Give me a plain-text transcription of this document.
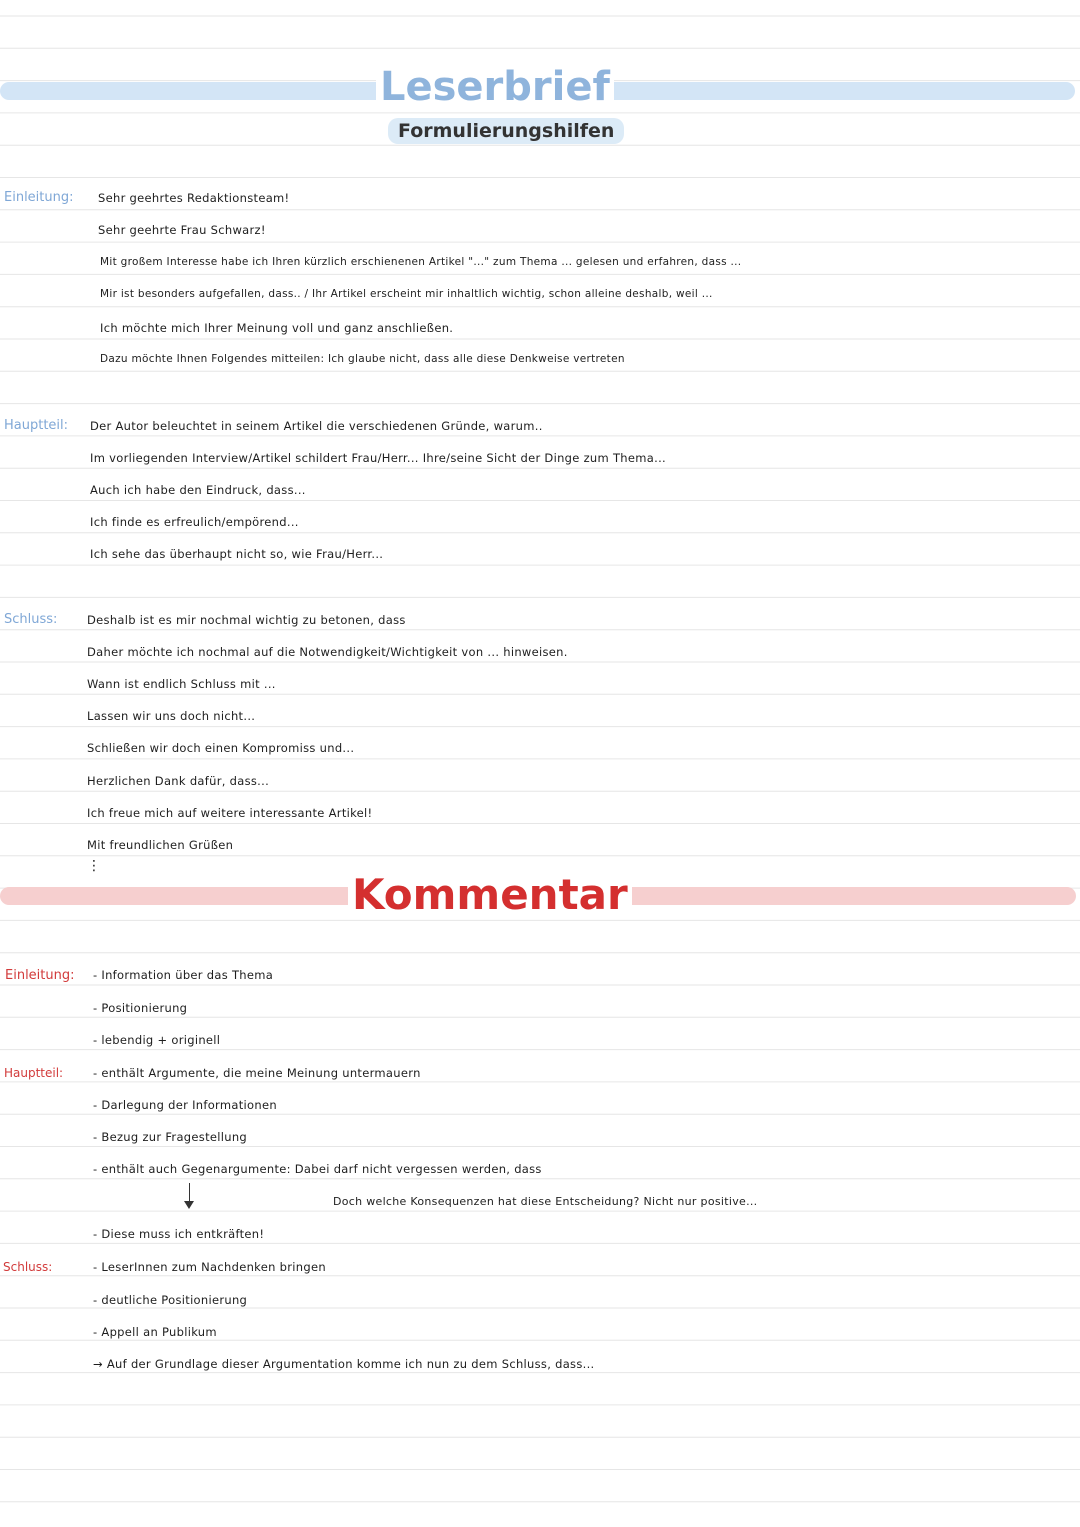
Leserbrief
Formulierungshilfen
Einleitung: Sehr geehrtes Redaktionsteam!
Sehr geehrte Frau Schwarz!
Mit großem Interesse habe ich Ihren kürzlich erschienenen Artikel "..." zum Thema ... gelesen und erfahren, dass ...
Mir ist besonders aufgefallen, dass.. / Ihr Artikel erscheint mir inhaltlich wichtig, schon alleine deshalb, weil ...
Ich möchte mich Ihrer Meinung voll und ganz anschließen.
Dazu möchte Ihnen Folgendes mitteilen: Ich glaube nicht, dass alle diese Denkweise vertreten
Hauptteil: Der Autor beleuchtet in seinem Artikel die verschiedenen Gründe, warum..
Im vorliegenden Interview/Artikel schildert Frau/Herr... Ihre/seine Sicht der Dinge zum Thema...
Auch ich habe den Eindruck, dass...
Ich finde es erfreulich/empörend...
Ich sehe das überhaupt nicht so, wie Frau/Herr...
Schluss:	Deshalb ist es mir nochmal wichtig zu betonen, dass
Daher möchte ich nochmal auf die Notwendigkeit/Wichtigkeit von ... hinweisen.
Wann ist endlich Schluss mit ...
Lassen wir uns doch nicht...
Schließen wir doch einen Kompromiss und...
Herzlichen Dank dafür, dass...
Ich freue mich auf weitere interessante Artikel!
Mit freundlichen Grüßen
⋮
Kommentar
Einleitung: - Information über das Thema
- Positionierung
- lebendig + originell
Hauptteil:	- enthält Argumente, die meine Meinung untermauern
- Darlegung der Informationen
- Bezug zur Fragestellung
- enthält auch Gegenargumente: Dabei darf nicht vergessen werden, dass
Doch welche Konsequenzen hat diese Entscheidung? Nicht nur positive...
- Diese muss ich entkräften!
Schluss:	- LeserInnen zum Nachdenken bringen
- deutliche Positionierung
- Appell an Publikum
→ Auf der Grundlage dieser Argumentation komme ich nun zu dem Schluss, dass...
